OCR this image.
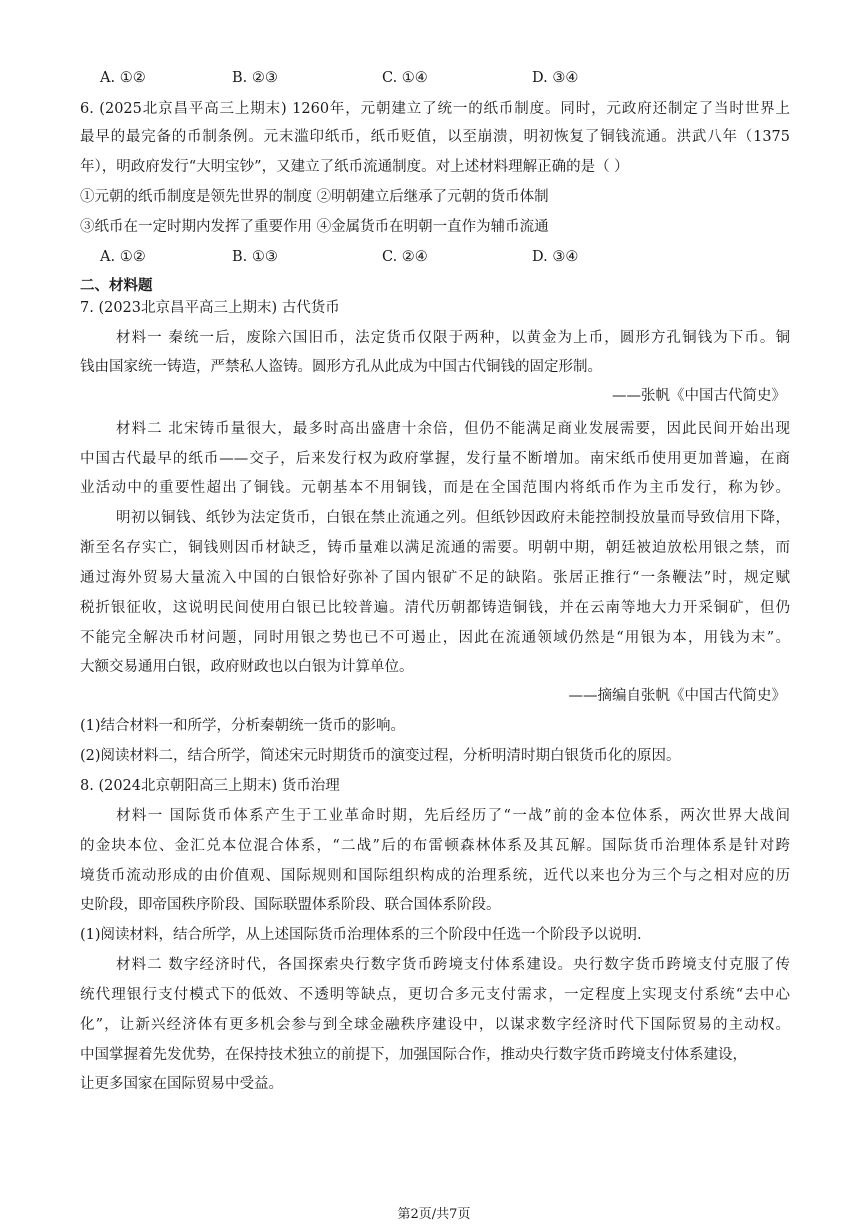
A. ①②	B. ②③	C. ①④	D. ③④
6. (2025北京昌平高三上期末) 1260年，元朝建立了统一的纸币制度。同时，元政府还制定了当时世界上
最早的最完备的币制条例。元末滥印纸币，纸币贬值，以至崩溃，明初恢复了铜钱流通。洪武八年（1375
年），明政府发行“大明宝钞”，又建立了纸币流通制度。对上述材料理解正确的是（ ）
①元朝的纸币制度是领先世界的制度 ②明朝建立后继承了元朝的货币体制
③纸币在一定时期内发挥了重要作用 ④金属货币在明朝一直作为辅币流通
A. ①②	B. ①③	C. ②④	D. ③④
二、材料题
7. (2023北京昌平高三上期末) 古代货币
材料一 秦统一后，废除六国旧币，法定货币仅限于两种，以黄金为上币，圆形方孔铜钱为下币。铜
钱由国家统一铸造，严禁私人盗铸。圆形方孔从此成为中国古代铜钱的固定形制。
——张帆《中国古代简史》
材料二 北宋铸币量很大，最多时高出盛唐十余倍，但仍不能满足商业发展需要，因此民间开始出现
中国古代最早的纸币——交子，后来发行权为政府掌握，发行量不断增加。南宋纸币使用更加普遍，在商
业活动中的重要性超出了铜钱。元朝基本不用铜钱，而是在全国范围内将纸币作为主币发行，称为钞。
明初以铜钱、纸钞为法定货币，白银在禁止流通之列。但纸钞因政府未能控制投放量而导致信用下降，
渐至名存实亡，铜钱则因币材缺乏，铸币量难以满足流通的需要。明朝中期，朝廷被迫放松用银之禁，而
通过海外贸易大量流入中国的白银恰好弥补了国内银矿不足的缺陷。张居正推行“一条鞭法”时，规定赋
税折银征收，这说明民间使用白银已比较普遍。清代历朝都铸造铜钱，并在云南等地大力开采铜矿，但仍
不能完全解决币材问题，同时用银之势也已不可遏止，因此在流通领域仍然是“用银为本，用钱为末”。
大额交易通用白银，政府财政也以白银为计算单位。
——摘编自张帆《中国古代简史》
(1)结合材料一和所学，分析秦朝统一货币的影响。
(2)阅读材料二，结合所学，简述宋元时期货币的演变过程，分析明清时期白银货币化的原因。
8. (2024北京朝阳高三上期末) 货币治理
材料一 国际货币体系产生于工业革命时期，先后经历了“一战”前的金本位体系，两次世界大战间
的金块本位、金汇兑本位混合体系，“二战”后的布雷顿森林体系及其瓦解。国际货币治理体系是针对跨
境货币流动形成的由价值观、国际规则和国际组织构成的治理系统，近代以来也分为三个与之相对应的历
史阶段，即帝国秩序阶段、国际联盟体系阶段、联合国体系阶段。
(1)阅读材料，结合所学，从上述国际货币治理体系的三个阶段中任选一个阶段予以说明.
材料二 数字经济时代，各国探索央行数字货币跨境支付体系建设。央行数字货币跨境支付克服了传
统代理银行支付模式下的低效、不透明等缺点，更切合多元支付需求，一定程度上实现支付系统“去中心
化”，让新兴经济体有更多机会参与到全球金融秩序建设中，以谋求数字经济时代下国际贸易的主动权。
中国掌握着先发优势，在保持技术独立的前提下，加强国际合作，推动央行数字货币跨境支付体系建设，
让更多国家在国际贸易中受益。
第2页/共7页
